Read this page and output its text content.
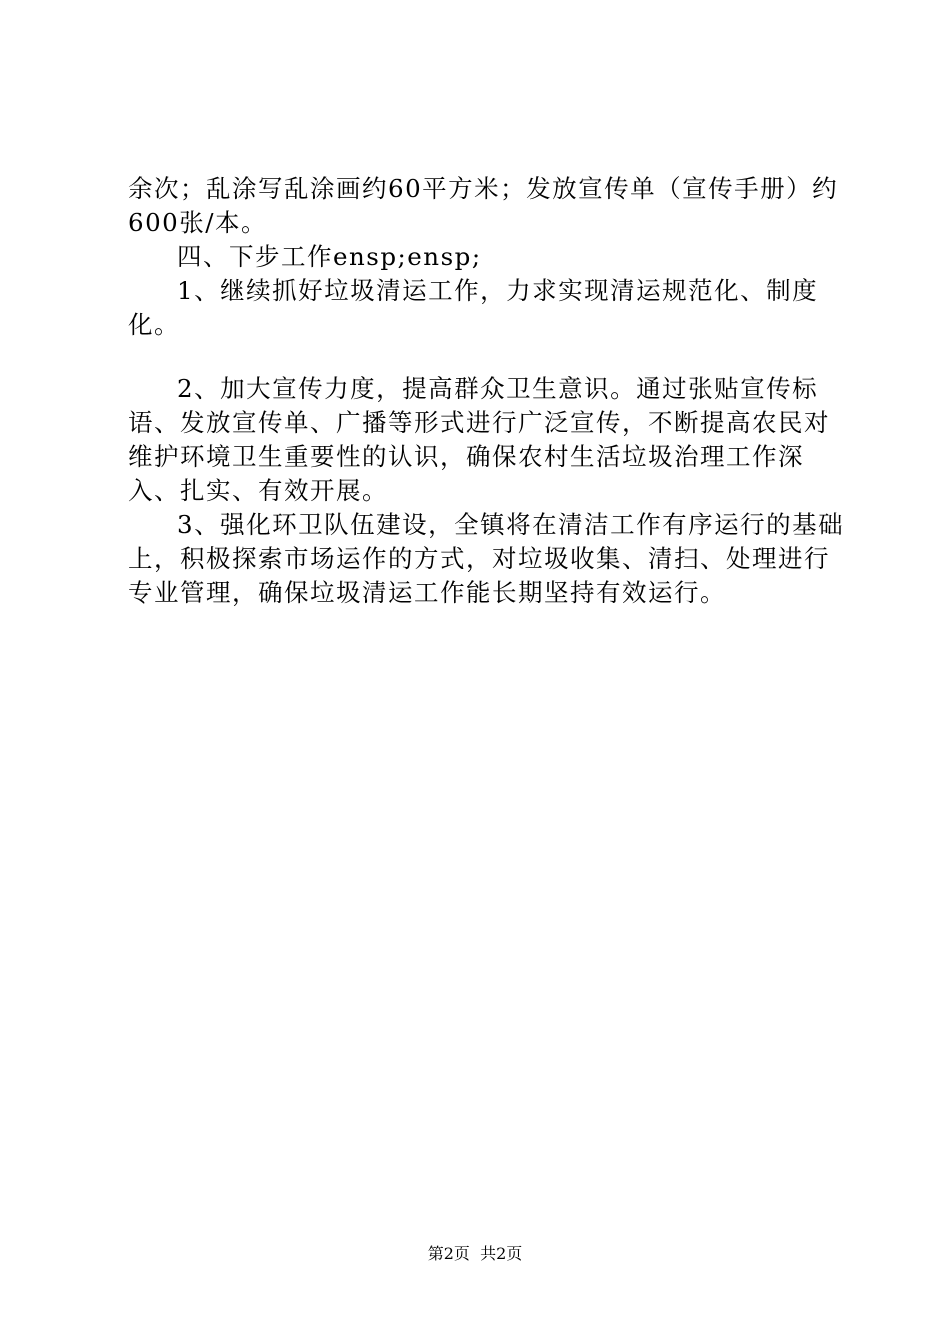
余次；乱涂写乱涂画约60平方米；发放宣传单（宣传手册）约600张/本。

四、下步工作ensp;ensp;

1、继续抓好垃圾清运工作，力求实现清运规范化、制度化。

2、加大宣传力度，提高群众卫生意识。通过张贴宣传标语、发放宣传单、广播等形式进行广泛宣传，不断提高农民对维护环境卫生重要性的认识，确保农村生活垃圾治理工作深入、扎实、有效开展。

3、强化环卫队伍建设，全镇将在清洁工作有序运行的基础上，积极探索市场运作的方式，对垃圾收集、清扫、处理进行专业管理，确保垃圾清运工作能长期坚持有效运行。

第2页  共2页
